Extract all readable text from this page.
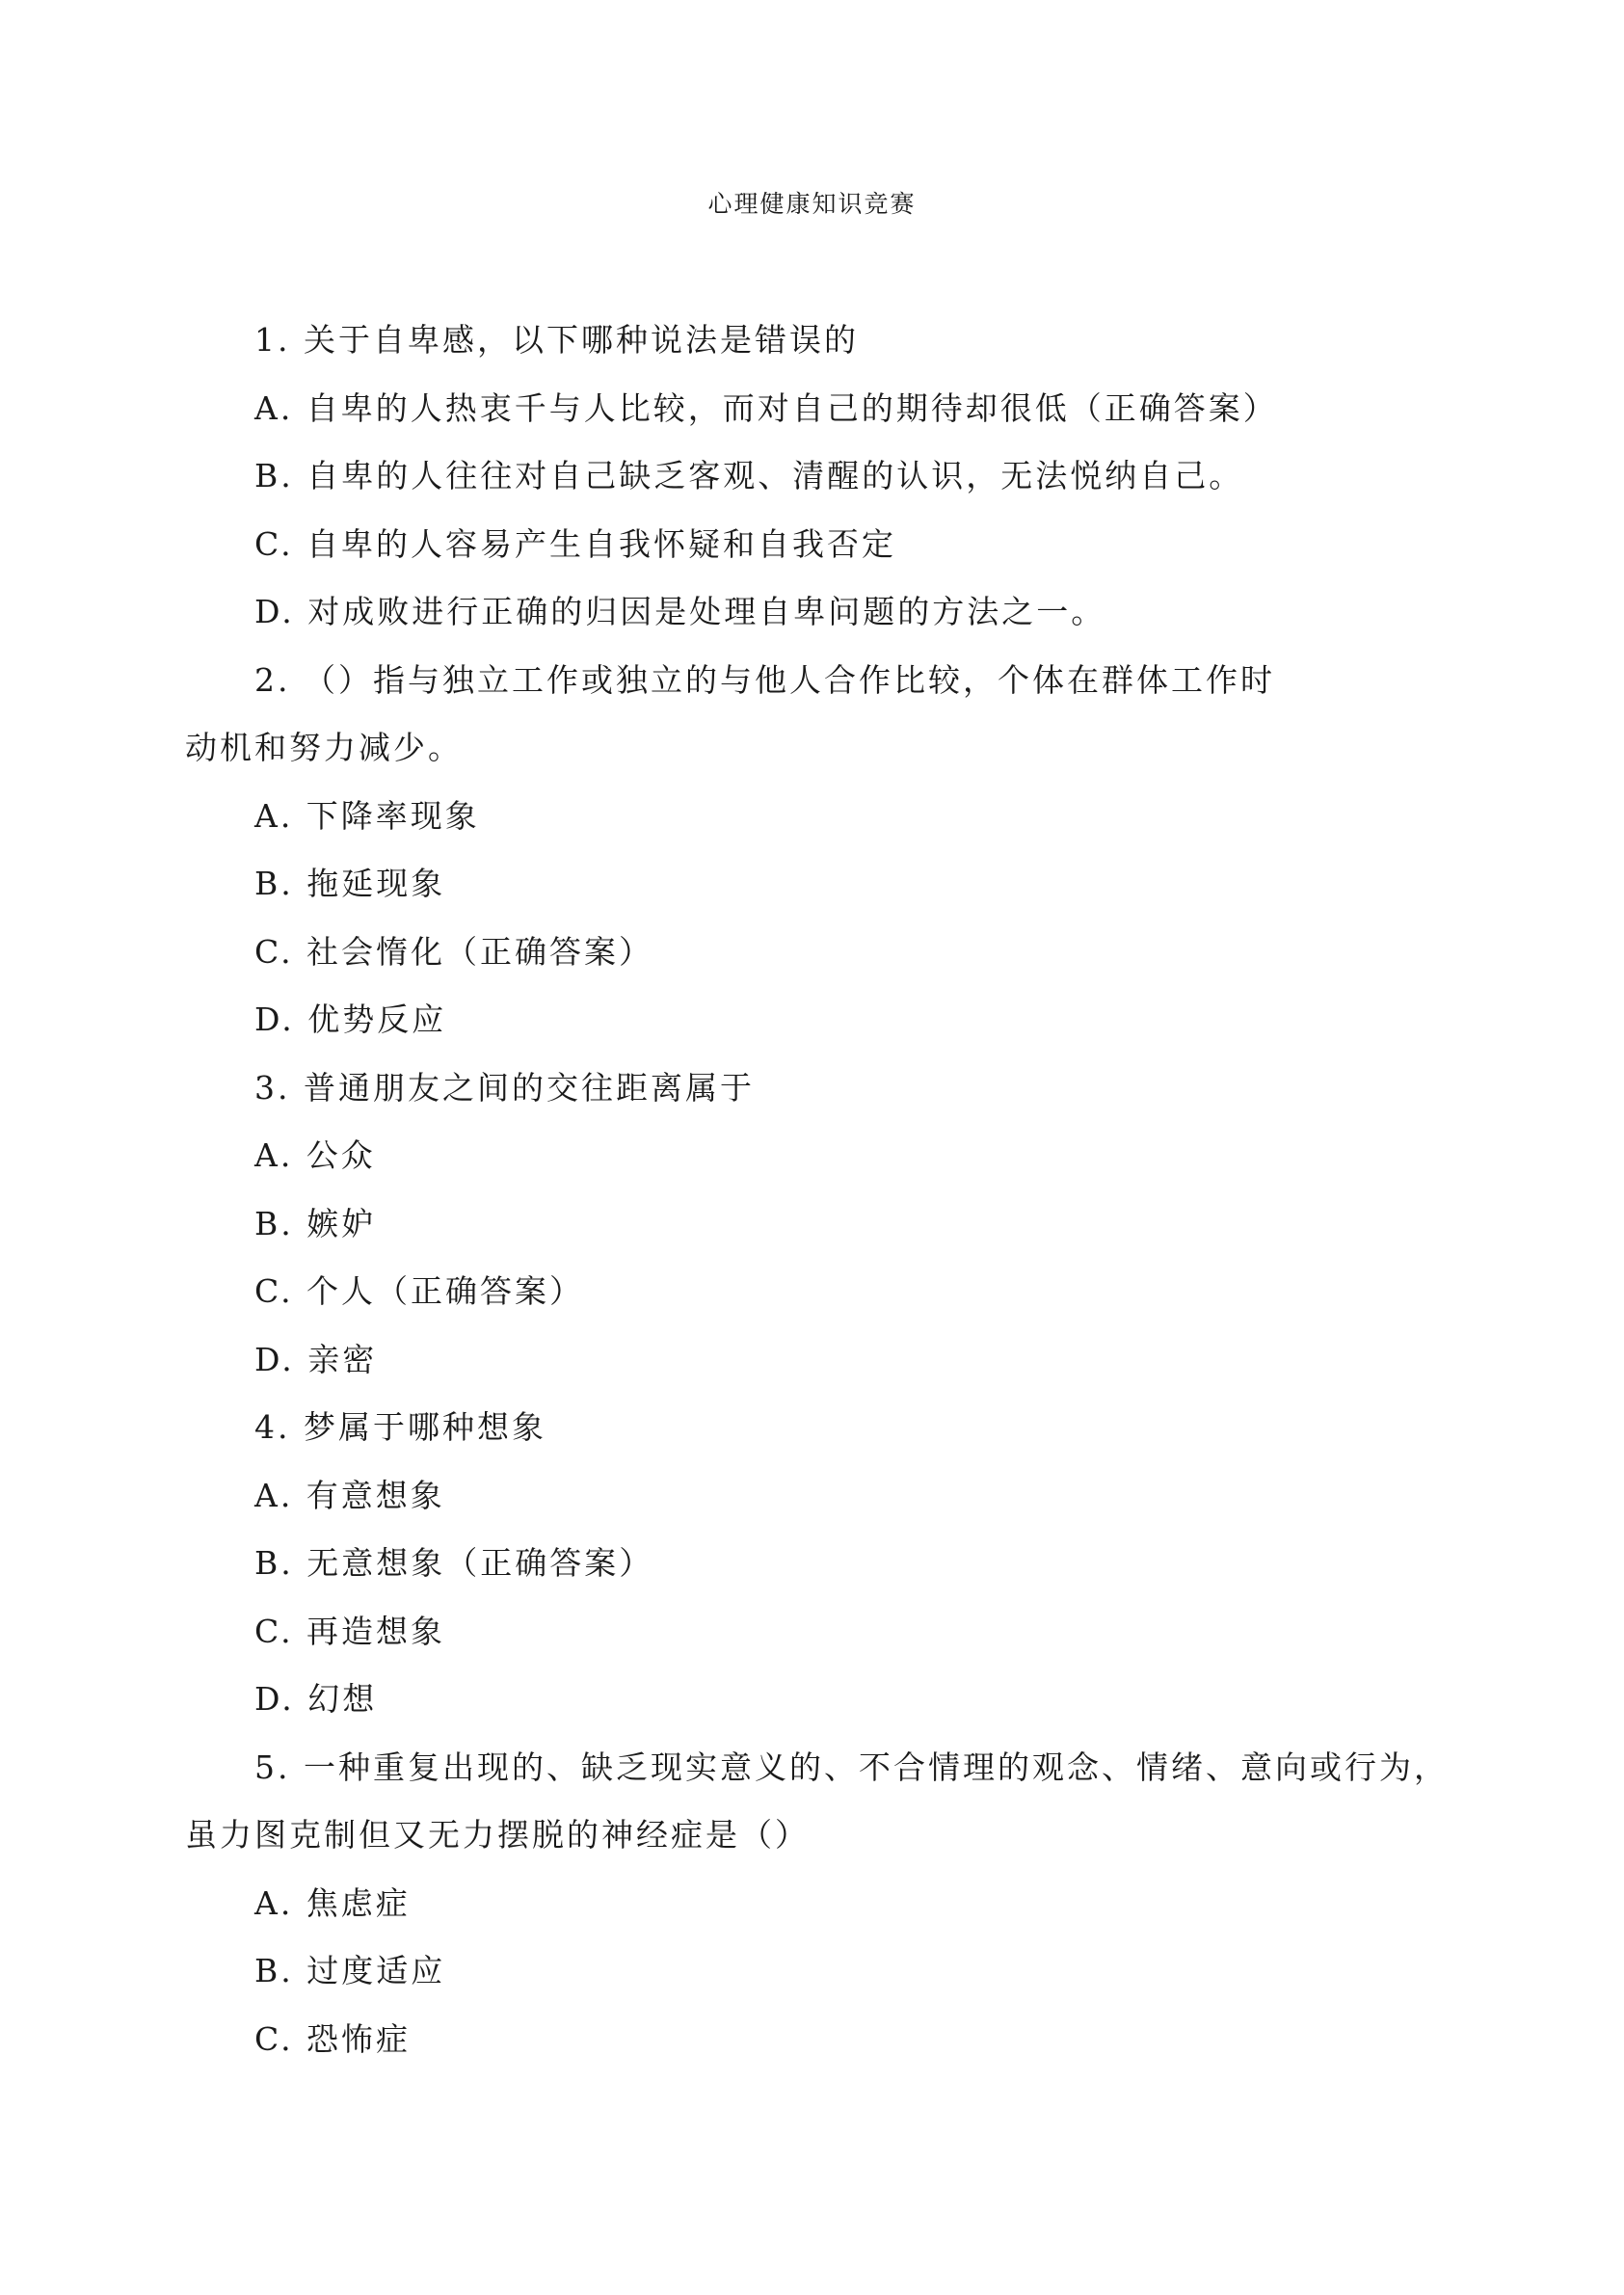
心理健康知识竞赛
1. 关于自卑感，以下哪种说法是错误的
A. 自卑的人热衷千与人比较，而对自己的期待却很低（正确答案）
B. 自卑的人往往对自己缺乏客观、清醒的认识，无法悦纳自己。
C. 自卑的人容易产生自我怀疑和自我否定
D. 对成败进行正确的归因是处理自卑问题的方法之一。
2. （）指与独立工作或独立的与他人合作比较，个体在群体工作时
动机和努力减少。
A. 下降率现象
B. 拖延现象
C. 社会惰化（正确答案）
D. 优势反应
3. 普通朋友之间的交往距离属于
A. 公众
B. 嫉妒
C. 个人（正确答案）
D. 亲密
4. 梦属于哪种想象
A. 有意想象
B. 无意想象（正确答案）
C. 再造想象
D. 幻想
5. 一种重复出现的、缺乏现实意义的、不合情理的观念、情绪、意向或行为，
虽力图克制但又无力摆脱的神经症是（）
A. 焦虑症
B. 过度适应
C. 恐怖症
